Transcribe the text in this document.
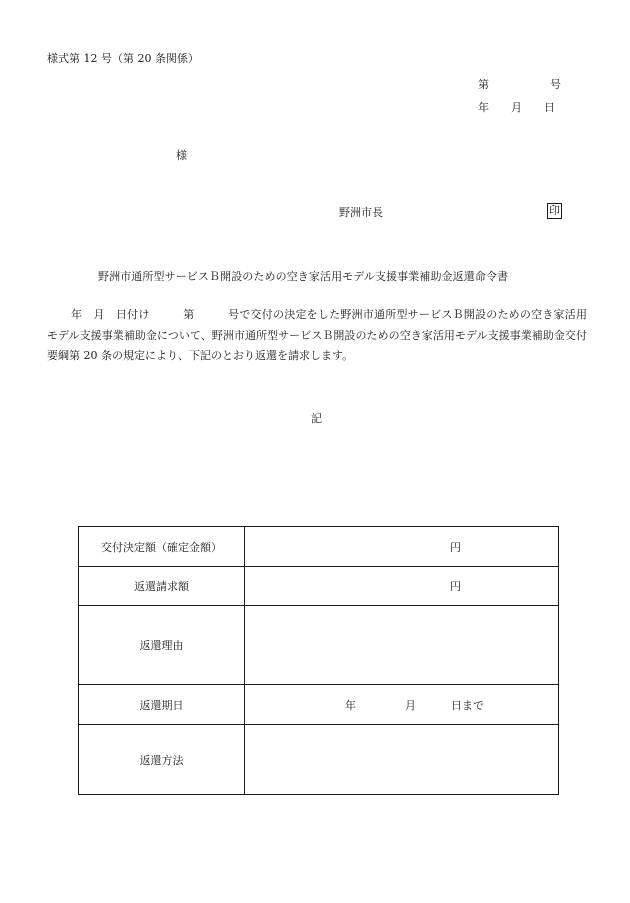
様式第 12 号（第 20 条関係）
第	号
年 月 日
様
野洲市長	印
野洲市通所型サービスＢ開設のための空き家活用モデル支援事業補助金返還命令書
年　月　日付け　　　第　　　号で交付の決定をした野洲市通所型サービスＢ開設のための空き家活用モデル支援事業補助金について、野洲市通所型サービスＢ開設のための空き家活用モデル支援事業補助金交付要綱第 20 条の規定により、下記のとおり返還を請求します。
記
交付決定額（確定金額）	円

返還請求額	円

返還理由	
返還期日	年 月 日まで

返還方法	
